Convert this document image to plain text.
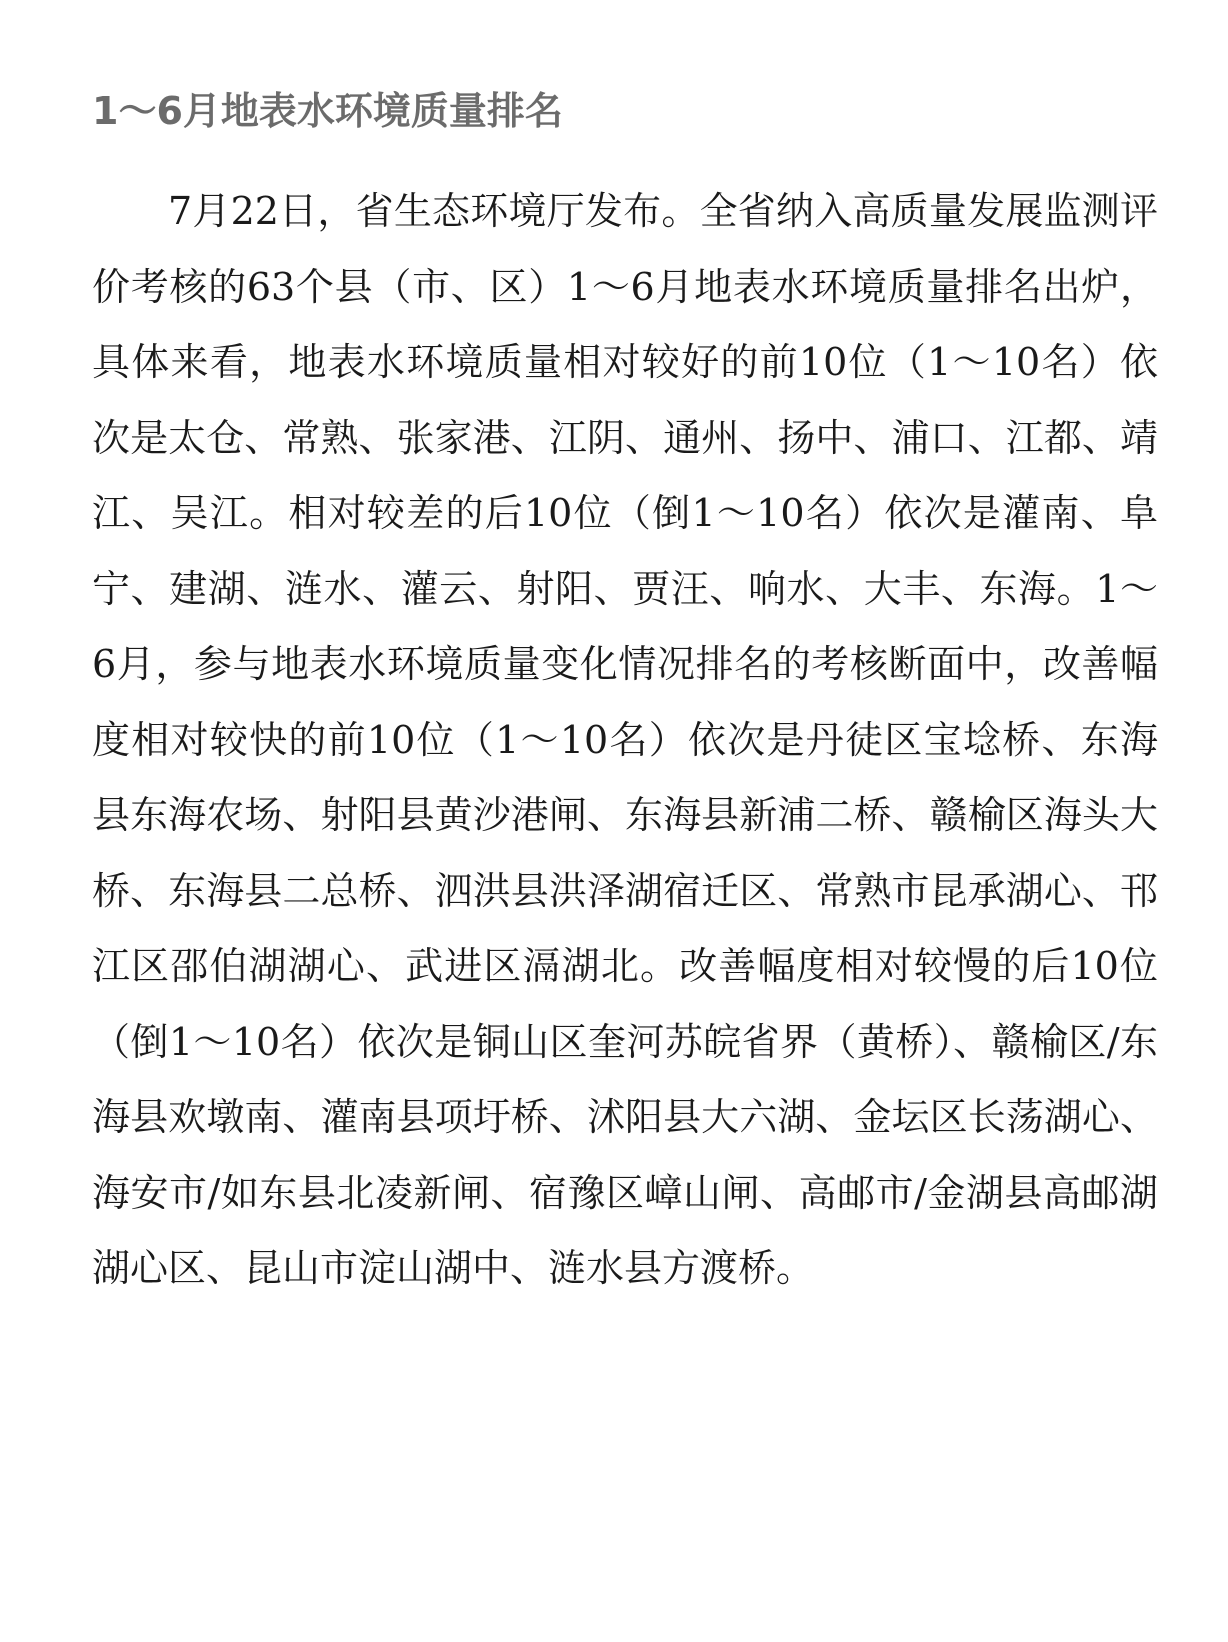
1～6月地表水环境质量排名

7月22日，省生态环境厅发布。全省纳入高质量发展监测评价考核的63个县（市、区）1～6月地表水环境质量排名出炉，具体来看，地表水环境质量相对较好的前10位（1～10名）依次是太仓、常熟、张家港、江阴、通州、扬中、浦口、江都、靖江、吴江。相对较差的后10位（倒1～10名）依次是灌南、阜宁、建湖、涟水、灌云、射阳、贾汪、响水、大丰、东海。1～6月，参与地表水环境质量变化情况排名的考核断面中，改善幅度相对较快的前10位（1～10名）依次是丹徒区宝埝桥、东海县东海农场、射阳县黄沙港闸、东海县新浦二桥、赣榆区海头大桥、东海县二总桥、泗洪县洪泽湖宿迁区、常熟市昆承湖心、邗江区邵伯湖湖心、武进区滆湖北。改善幅度相对较慢的后10位（倒1～10名）依次是铜山区奎河苏皖省界（黄桥）、赣榆区/东海县欢墩南、灌南县项圩桥、沭阳县大六湖、金坛区长荡湖心、海安市/如东县北凌新闸、宿豫区嶂山闸、高邮市/金湖县高邮湖湖心区、昆山市淀山湖中、涟水县方渡桥。
